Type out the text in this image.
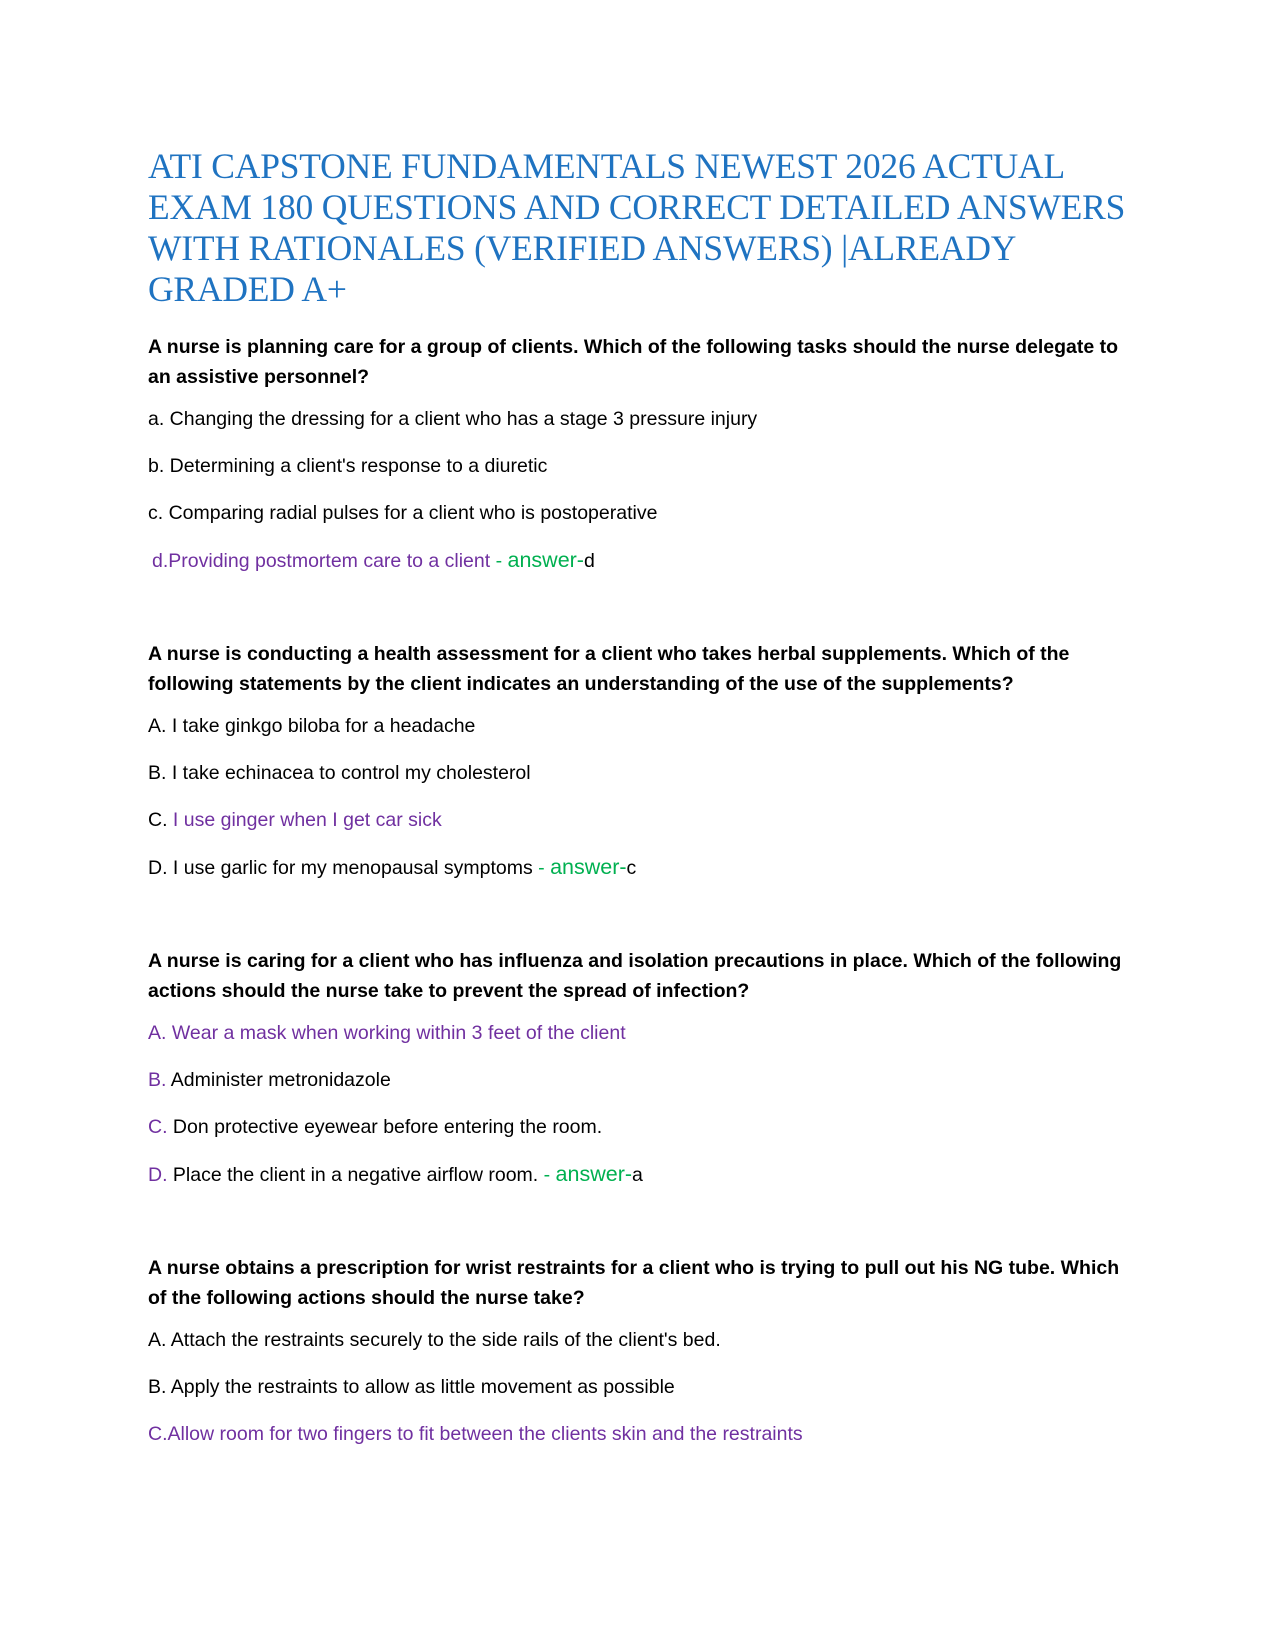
ATI CAPSTONE FUNDAMENTALS NEWEST 2026 ACTUAL EXAM 180 QUESTIONS AND CORRECT DETAILED ANSWERS WITH RATIONALES (VERIFIED ANSWERS) |ALREADY GRADED A+

A nurse is planning care for a group of clients. Which of the following tasks should the nurse delegate to an assistive personnel?

a. Changing the dressing for a client who has a stage 3 pressure injury

b. Determining a client's response to a diuretic

c. Comparing radial pulses for a client who is postoperative

d.Providing postmortem care to a client - answer-d

A nurse is conducting a health assessment for a client who takes herbal supplements. Which of the following statements by the client indicates an understanding of the use of the supplements?

A. I take ginkgo biloba for a headache

B. I take echinacea to control my cholesterol

C. I use ginger when I get car sick

D. I use garlic for my menopausal symptoms - answer-c

A nurse is caring for a client who has influenza and isolation precautions in place. Which of the following actions should the nurse take to prevent the spread of infection?

A. Wear a mask when working within 3 feet of the client

B. Administer metronidazole

C. Don protective eyewear before entering the room.

D. Place the client in a negative airflow room. - answer-a

A nurse obtains a prescription for wrist restraints for a client who is trying to pull out his NG tube. Which of the following actions should the nurse take?

A. Attach the restraints securely to the side rails of the client's bed.

B. Apply the restraints to allow as little movement as possible

C.Allow room for two fingers to fit between the clients skin and the restraints
